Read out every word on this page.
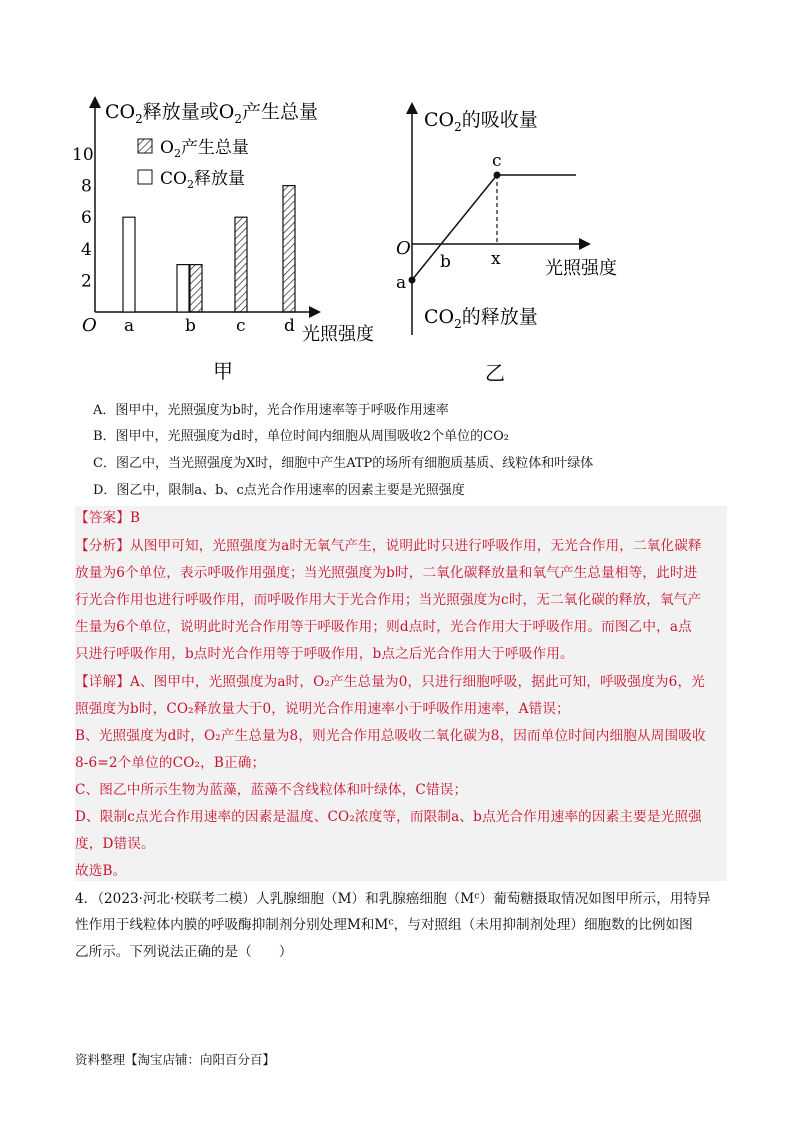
10
8
6
4
2
a	b c d
$CO_2$释放量或$O_2$产生总量
$O_2$产生总量
$CO_2$释放量
O	光照强度
甲
$CO_2$的吸收量
$CO_2$的释放量
O
a
b
c
x 光照强度
乙
A．图甲中，光照强度为b时，光合作用速率等于呼吸作用速率
B．图甲中，光照强度为d时，单位时间内细胞从周围吸收2个单位的CO₂
C．图乙中，当光照强度为X时，细胞中产生ATP的场所有细胞质基质、线粒体和叶绿体
D．图乙中，限制a、b、c点光合作用速率的因素主要是光照强度
【答案】B
【分析】从图甲可知，光照强度为a时无氧气产生，说明此时只进行呼吸作用，无光合作用，二氧化碳释
放量为6个单位，表示呼吸作用强度；当光照强度为b时，二氧化碳释放量和氧气产生总量相等，此时进
行光合作用也进行呼吸作用，而呼吸作用大于光合作用；当光照强度为c时，无二氧化碳的释放，氧气产
生量为6个单位，说明此时光合作用等于呼吸作用；则d点时，光合作用大于呼吸作用。而图乙中，a点
只进行呼吸作用，b点时光合作用等于呼吸作用，b点之后光合作用大于呼吸作用。
【详解】A、图甲中，光照强度为a时，O₂产生总量为0，只进行细胞呼吸，据此可知，呼吸强度为6，光
照强度为b时，CO₂释放量大于0，说明光合作用速率小于呼吸作用速率，A错误；
B、光照强度为d时，O₂产生总量为8，则光合作用总吸收二氧化碳为8，因而单位时间内细胞从周围吸收
8-6=2个单位的CO₂，B正确；
C、图乙中所示生物为蓝藻，蓝藻不含线粒体和叶绿体，C错误；
D、限制c点光合作用速率的因素是温度、CO₂浓度等，而限制a、b点光合作用速率的因素主要是光照强
度，D错误。
故选B。
4．（2023·河北·校联考二模）人乳腺细胞（M）和乳腺癌细胞$(M^c)$葡萄糖摄取情况如图甲所示，用特异
性作用于线粒体内膜的呼吸酶抑制剂分别处理M和$M^c$，与对照组（未用抑制剂处理）细胞数的比例如图
乙所示。下列说法正确的是（　　）
资料整理【淘宝店铺：向阳百分百】
